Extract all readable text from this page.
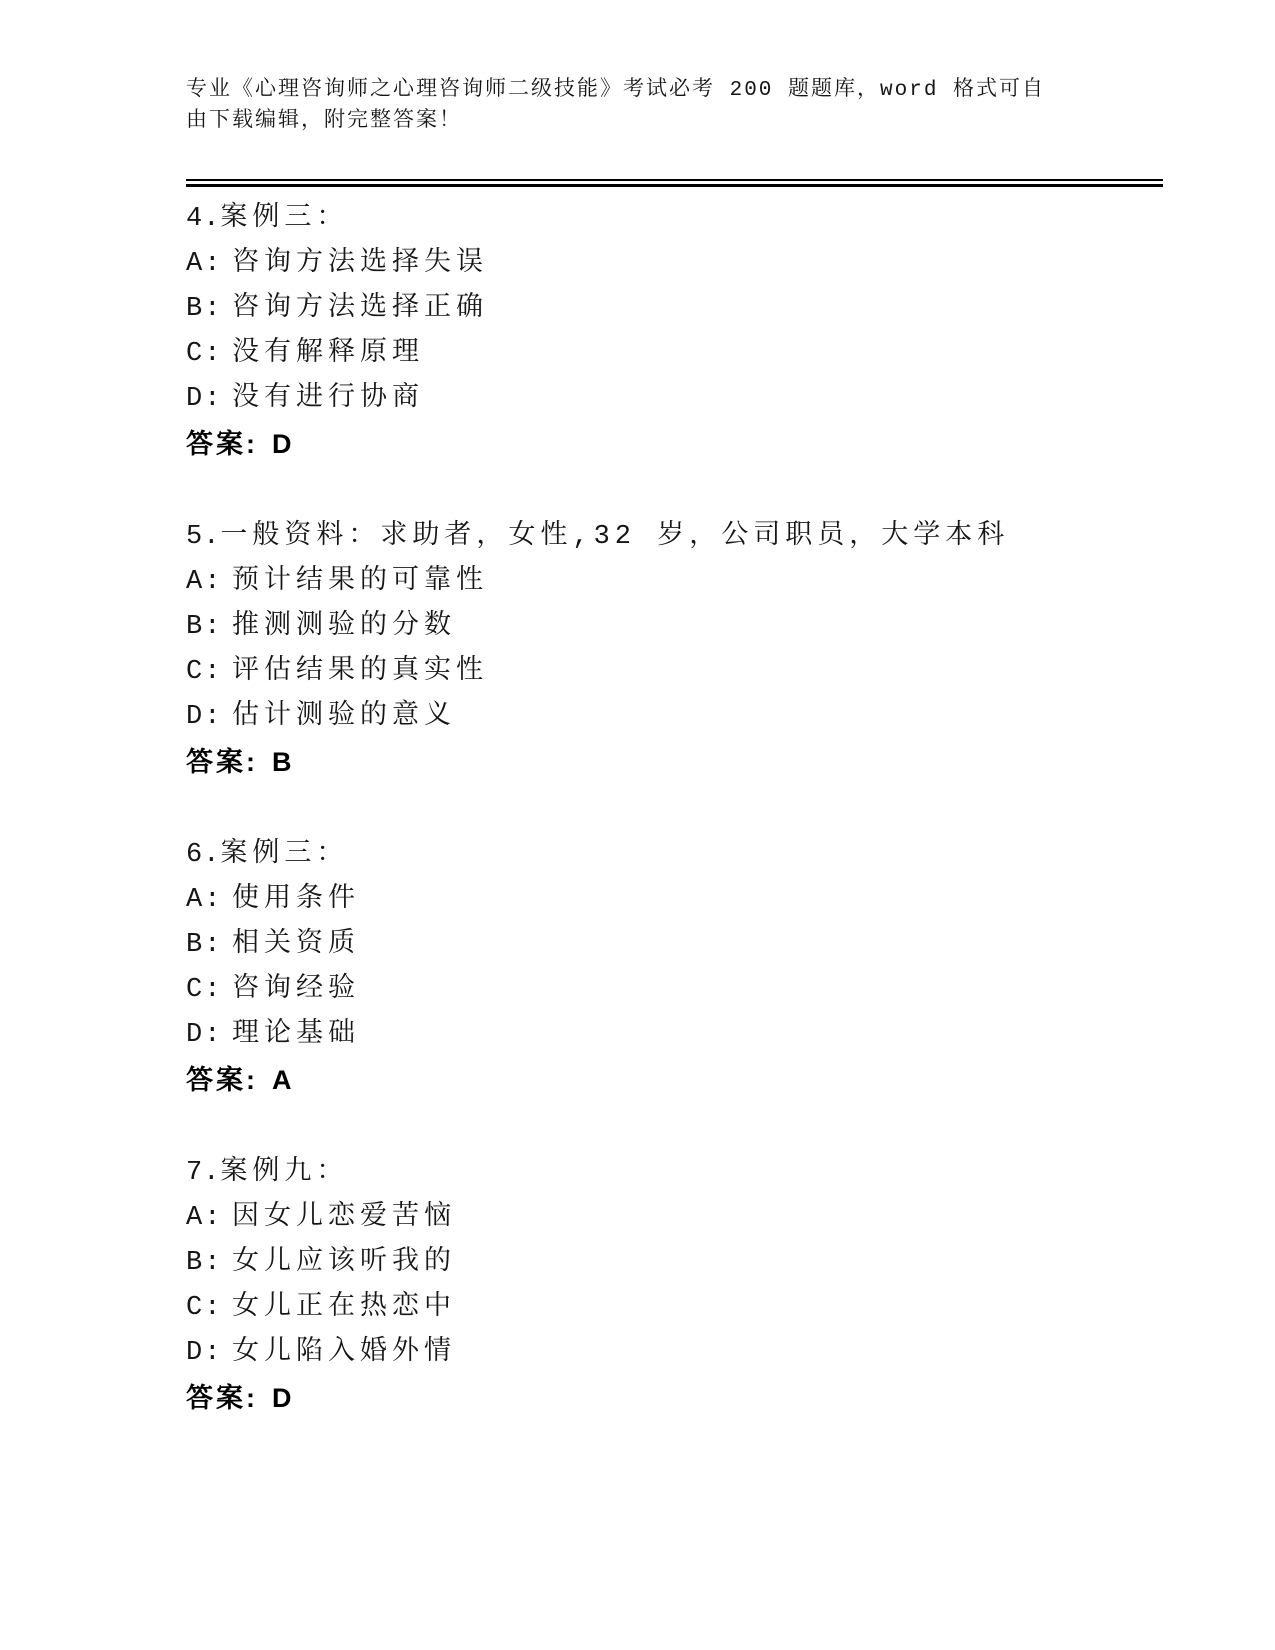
专业《心理咨询师之心理咨询师二级技能》考试必考 200 题题库，word 格式可自
由下载编辑，附完整答案！
4.案例三：
A: 咨询方法选择失误
B: 咨询方法选择正确
C: 没有解释原理
D: 没有进行协商
答案: D
5.一般资料：求助者，女性,32 岁，公司职员，大学本科
A: 预计结果的可靠性
B: 推测测验的分数
C: 评估结果的真实性
D: 估计测验的意义
答案: B
6.案例三：
A: 使用条件
B: 相关资质
C: 咨询经验
D: 理论基础
答案: A
7.案例九：
A: 因女儿恋爱苦恼
B: 女儿应该听我的
C: 女儿正在热恋中
D: 女儿陷入婚外情
答案: D
